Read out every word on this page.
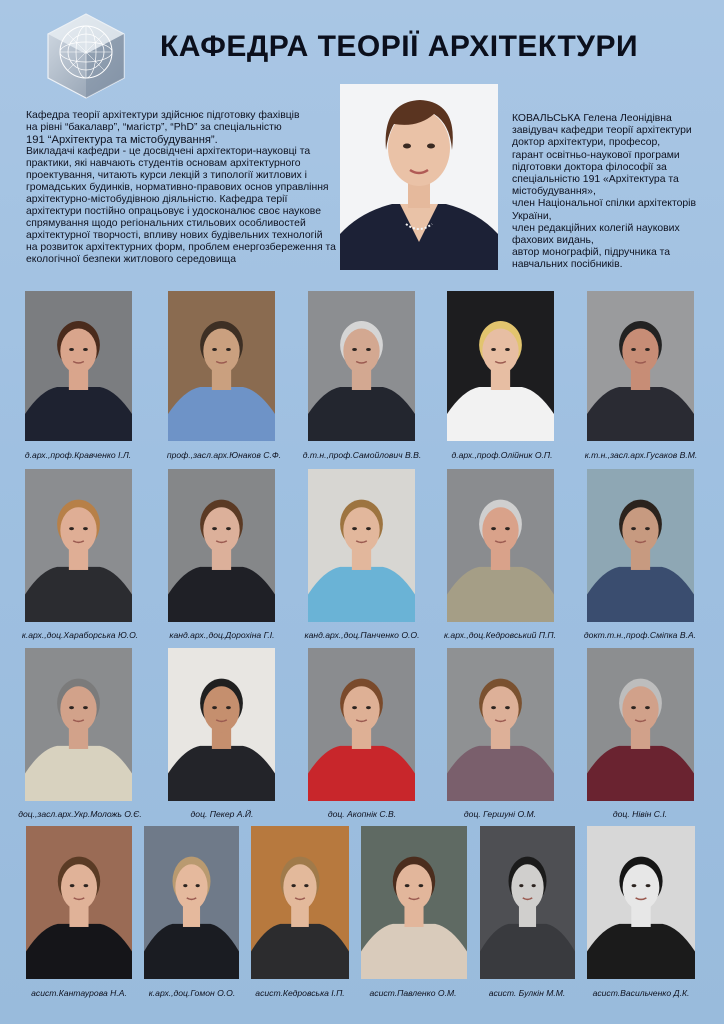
КАФЕДРА ТЕОРІЇ АРХІТЕКТУРИ

Кафедра теорії архітектури здійснює підготовку фахівців

на рівні “бакалавр”, “магістр”, “PhD” за спеціальністю

191 “Архітектура та містобудування”.

Викладачі кафедри - це досвідчені архітектори-науковці та практики, які навчають студентів основам архітектурного проектування, читають курси лекцій з типології житлових і громадських будинків, нормативно-правових основ управління архітектурно-містобудівною діяльністю. Кафедра терії архітектури постійно опрацьовує і удосконалює своє наукове спрямування щодо регіональних стильових особливостей архітектурної творчості, впливу нових будівельних технологій на розвиток архітектурних форм, проблем енергозбереження та екологічної безпеки житлового середовища

КОВАЛЬСЬКА Гелена Леонідівна

завідувач кафедри теорії архітектури

доктор архітектури, професор,

гарант освітньо-наукової програми

підготовки доктора філософії за

спеціальністю 191 «Архітектура та

містобудування»,

член Національної спілки архітекторів

України,

член редакційних колегій наукових

фахових видань,

автор монографій, підручника та

навчальних посібників.

д.арх.,проф.Кравченко І.Л.	проф.,засл.арх.Юнаков С.Ф.	д.т.н.,проф.Самойлович В.В.	д.арх.,проф.Олійник О.П.	к.т.н.,засл.арх.Гусаков В.М.
к.арх.,доц.Хараборська Ю.О.	канд.арх.,доц.Дорохіна Г.І.	канд.арх.,доц.Панченко О.О.	к.арх.,доц.Кедровський П.П.	докт.т.н.,проф.Сміпка В.А.
доц.,засл.арх.Укр.Моложь О.Є.	доц. Пекер А.Й.	доц. Акопнік С.В.	доц. Гершуні О.М.	доц. Нівін С.І.
асист.Кантаурова Н.А.	к.арх.,доц.Гомон О.О. асист.Кедровська І.П.	асист.Павленко О.М.	асист. Булкін М.М.	асист.Васильченко Д.К.
